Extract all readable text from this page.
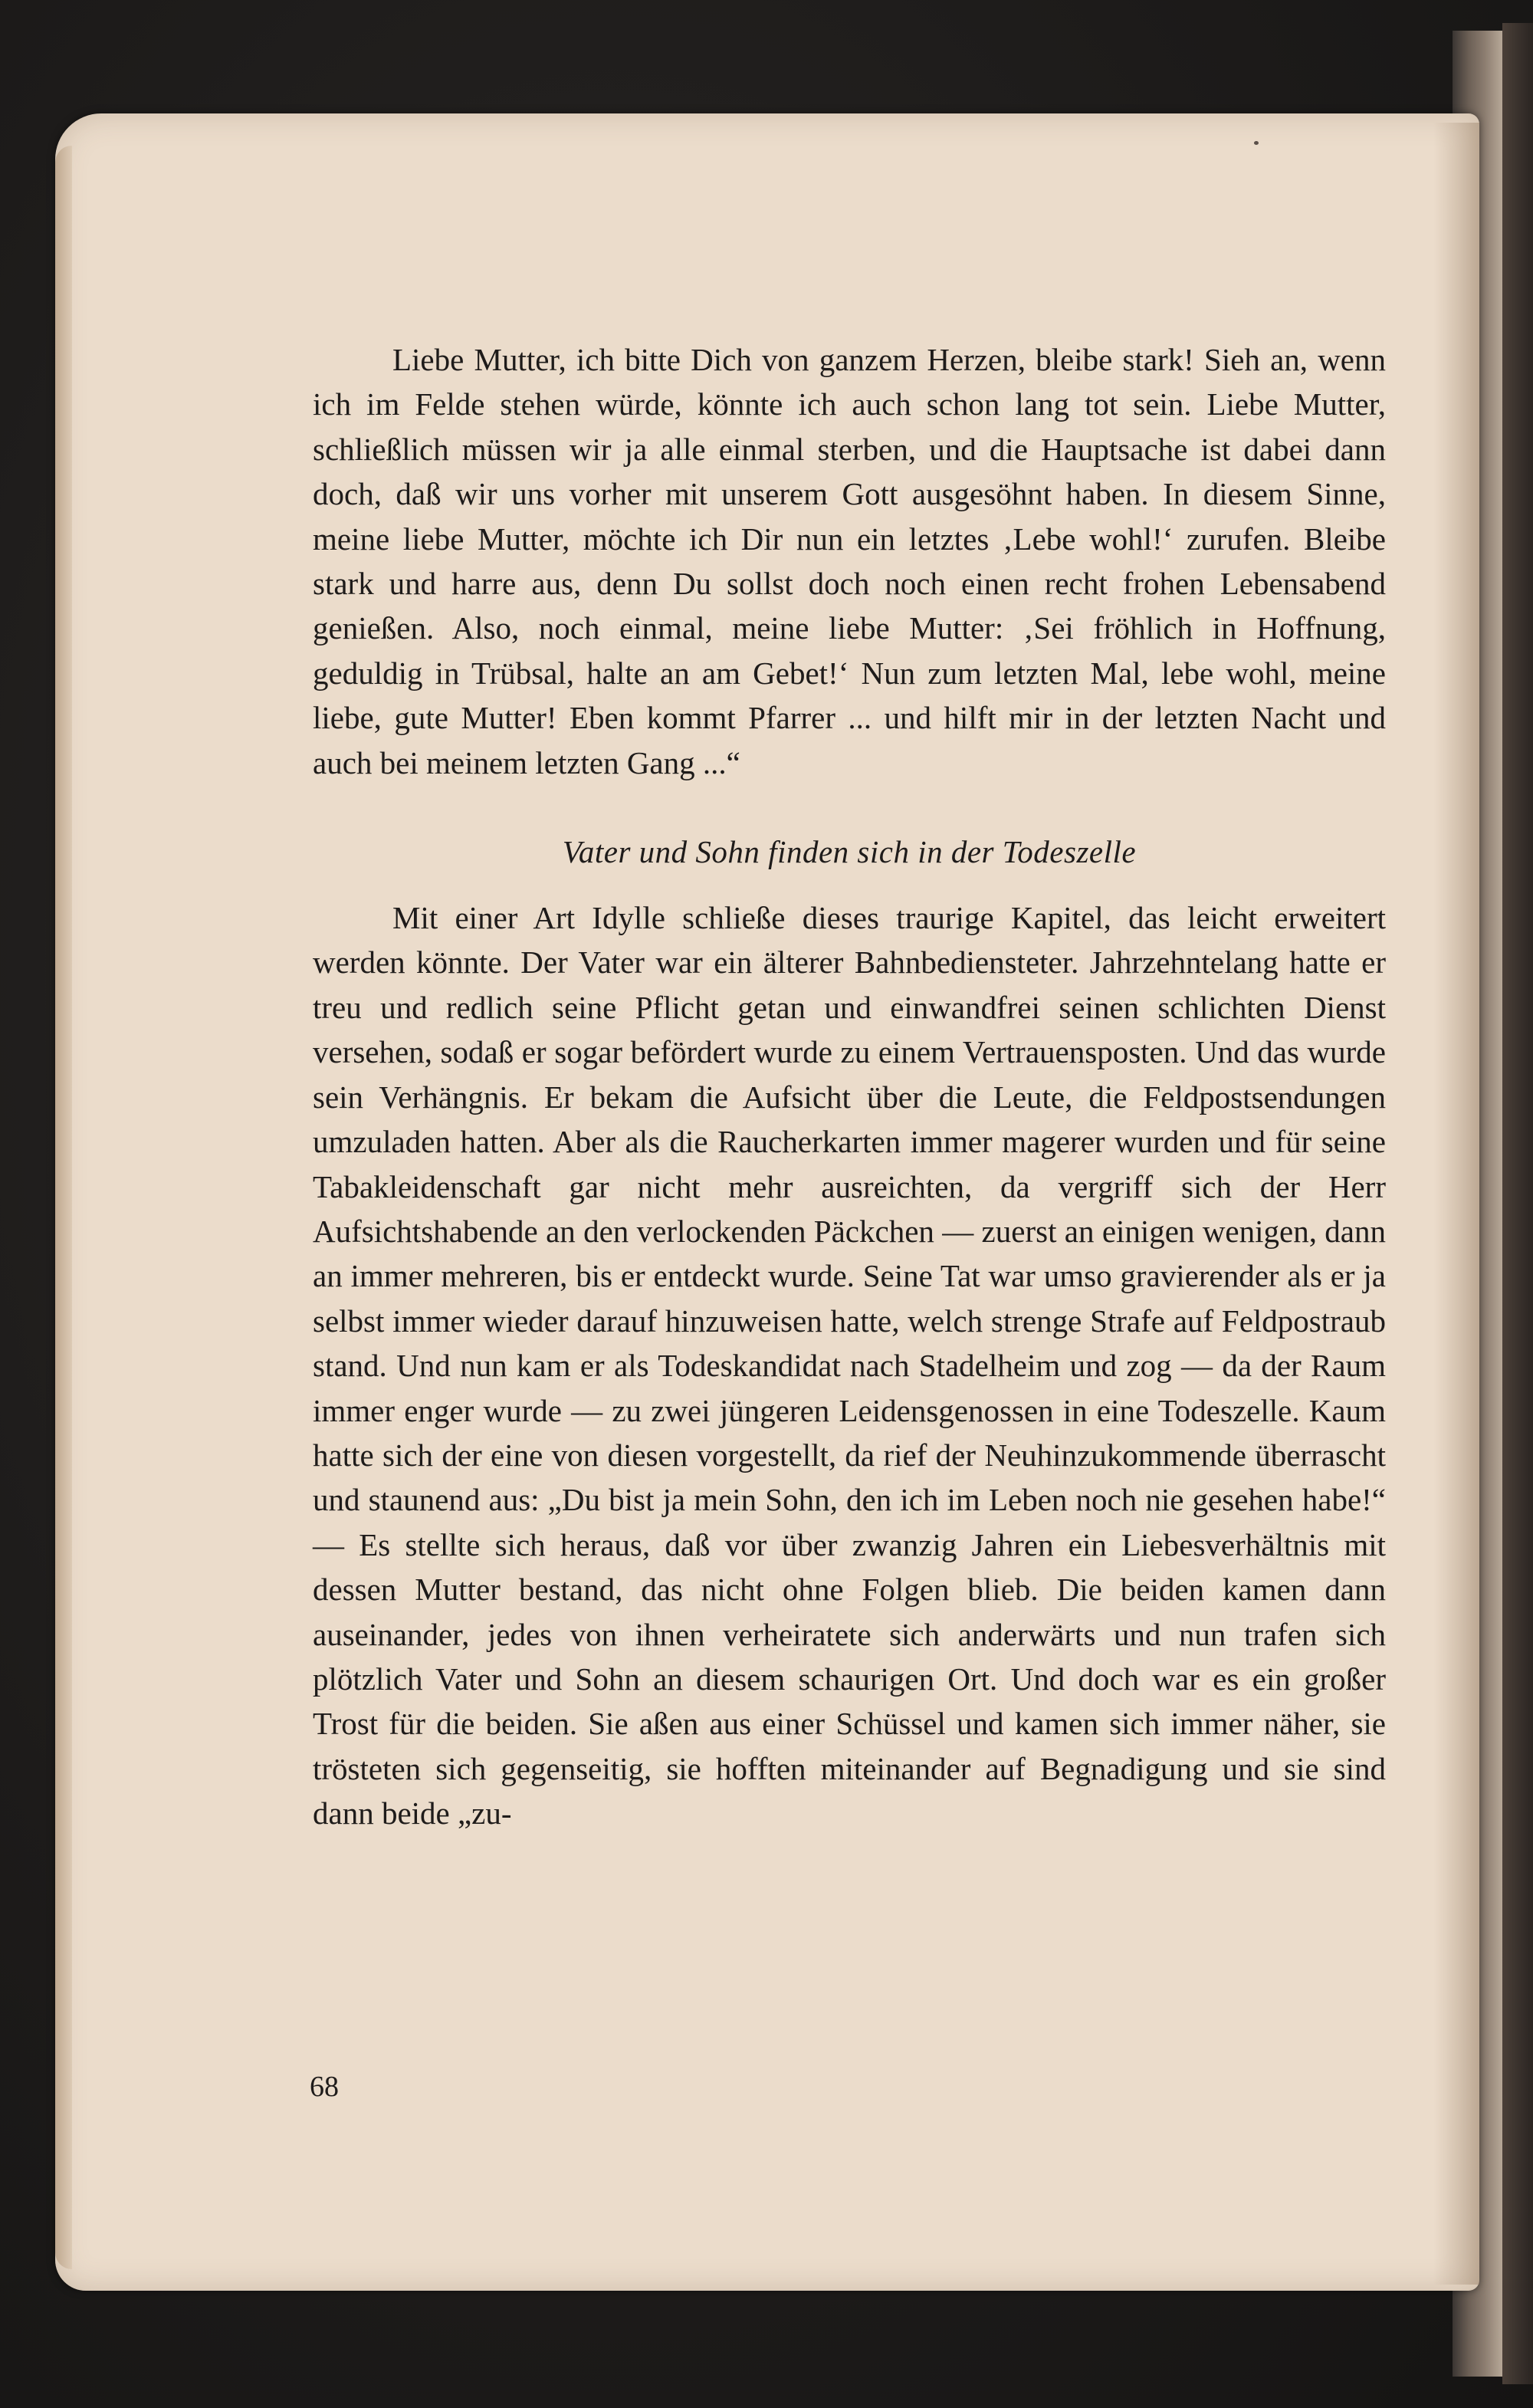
Liebe Mutter, ich bitte Dich von ganzem Herzen, bleibe stark! Sieh an, wenn ich im Felde stehen würde, könnte ich auch schon lang tot sein. Liebe Mutter, schließlich müssen wir ja alle einmal sterben, und die Hauptsache ist dabei dann doch, daß wir uns vorher mit unserem Gott ausgesöhnt haben. In diesem Sinne, meine liebe Mutter, möchte ich Dir nun ein letztes ‚Lebe wohl!‘ zurufen. Bleibe stark und harre aus, denn Du sollst doch noch einen recht frohen Lebensabend genießen. Also, noch einmal, meine liebe Mutter: ‚Sei fröhlich in Hoffnung, geduldig in Trübsal, halte an am Gebet!‘ Nun zum letzten Mal, lebe wohl, meine liebe, gute Mutter! Eben kommt Pfarrer ... und hilft mir in der letzten Nacht und auch bei meinem letzten Gang ...“

Vater und Sohn finden sich in der Todeszelle

Mit einer Art Idylle schließe dieses traurige Kapitel, das leicht erweitert werden könnte. Der Vater war ein älterer Bahnbediensteter. Jahrzehntelang hatte er treu und redlich seine Pflicht getan und einwandfrei seinen schlichten Dienst versehen, sodaß er sogar befördert wurde zu einem Vertrauensposten. Und das wurde sein Verhängnis. Er bekam die Aufsicht über die Leute, die Feldpostsendungen umzuladen hatten. Aber als die Raucherkarten immer magerer wurden und für seine Tabakleidenschaft gar nicht mehr ausreichten, da vergriff sich der Herr Aufsichtshabende an den verlockenden Päckchen — zuerst an einigen wenigen, dann an immer mehreren, bis er entdeckt wurde. Seine Tat war umso gravierender als er ja selbst immer wieder darauf hinzuweisen hatte, welch strenge Strafe auf Feldpostraub stand. Und nun kam er als Todeskandidat nach Stadelheim und zog — da der Raum immer enger wurde — zu zwei jüngeren Leidensgenossen in eine Todeszelle. Kaum hatte sich der eine von diesen vorgestellt, da rief der Neuhinzukommende überrascht und staunend aus: „Du bist ja mein Sohn, den ich im Leben noch nie gesehen habe!“ — Es stellte sich heraus, daß vor über zwanzig Jahren ein Liebesverhältnis mit dessen Mutter bestand, das nicht ohne Folgen blieb. Die beiden kamen dann auseinander, jedes von ihnen verheiratete sich anderwärts und nun trafen sich plötzlich Vater und Sohn an diesem schaurigen Ort. Und doch war es ein großer Trost für die beiden. Sie aßen aus einer Schüssel und kamen sich immer näher, sie trösteten sich gegenseitig, sie hofften miteinander auf Begnadigung und sie sind dann beide „zu-

68
